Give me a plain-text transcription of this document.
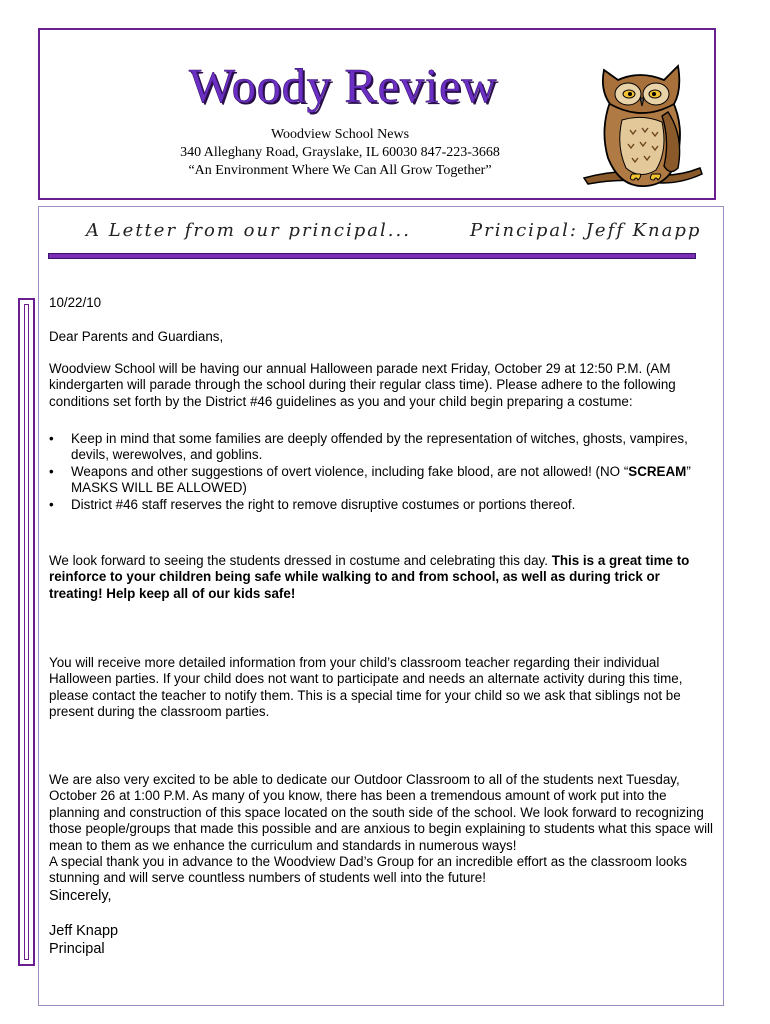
Woody Review
Woodview School News
340 Alleghany Road, Grayslake, IL 60030 847-223-3668
“An Environment Where We Can All Grow Together”
A Letter from our principal...	Principal: Jeff Knapp
10/22/10
Dear Parents and Guardians,

Woodview School will be having our annual Halloween parade next Friday, October 29 at 12:50 P.M. (AM kindergarten will parade through the school during their regular class time). Please adhere to the following conditions set forth by the District #46 guidelines as you and your child begin preparing a costume:

• Keep in mind that some families are deeply offended by the representation of witches, ghosts, vampires, devils, werewolves, and goblins.
• Weapons and other suggestions of overt violence, including fake blood, are not allowed! (NO “SCREAM” MASKS WILL BE ALLOWED)
• District #46 staff reserves the right to remove disruptive costumes or portions thereof.

We look forward to seeing the students dressed in costume and celebrating this day. This is a great time to reinforce to your children being safe while walking to and from school, as well as during trick or treating! Help keep all of our kids safe!

You will receive more detailed information from your child’s classroom teacher regarding their individual Halloween parties. If your child does not want to participate and needs an alternate activity during this time, please contact the teacher to notify them. This is a special time for your child so we ask that siblings not be present during the classroom parties.

We are also very excited to be able to dedicate our Outdoor Classroom to all of the students next Tuesday, October 26 at 1:00 P.M. As many of you know, there has been a tremendous amount of work put into the planning and construction of this space located on the south side of the school. We look forward to recognizing those people/groups that made this possible and are anxious to begin explaining to students what this space will mean to them as we enhance the curriculum and standards in numerous ways!

A special thank you in advance to the Woodview Dad’s Group for an incredible effort as the classroom looks stunning and will serve countless numbers of students well into the future!

Sincerely,
Jeff Knapp
Principal
